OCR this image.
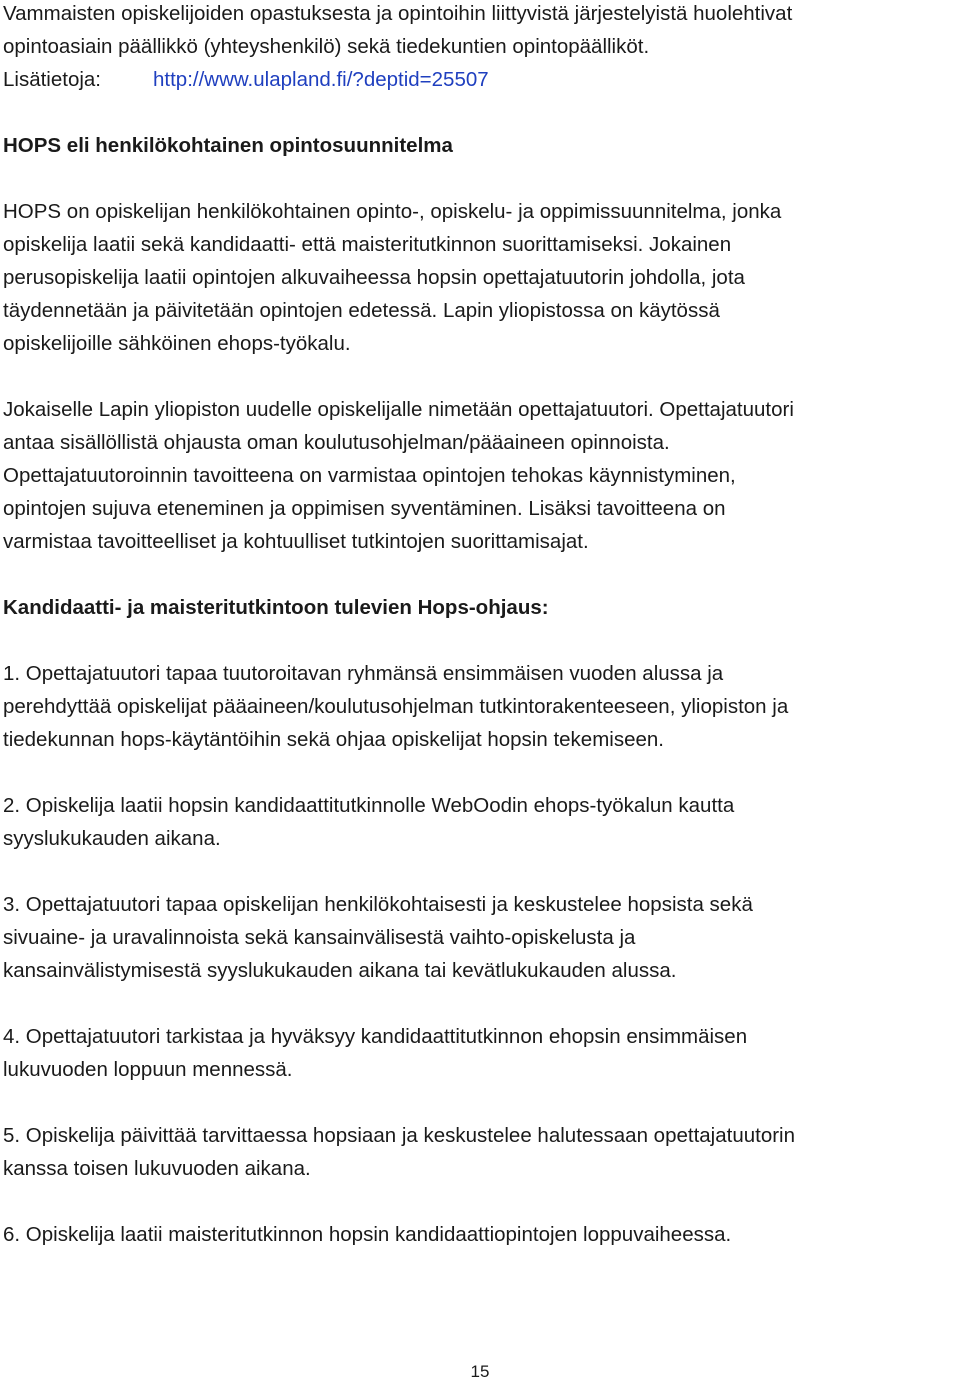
Vammaisten opiskelijoiden opastuksesta ja opintoihin liittyvistä järjestelyistä huolehtivat
opintoasiain päällikkö (yhteyshenkilö) sekä tiedekuntien opintopäälliköt.
Lisätietoja:	http://www.ulapland.fi/?deptid=25507
HOPS eli henkilökohtainen opintosuunnitelma
HOPS on opiskelijan henkilökohtainen opinto-, opiskelu- ja oppimissuunnitelma, jonka
opiskelija laatii sekä kandidaatti- että maisteritutkinnon suorittamiseksi. Jokainen
perusopiskelija laatii opintojen alkuvaiheessa hopsin opettajatuutorin johdolla, jota
täydennetään ja päivitetään opintojen edetessä. Lapin yliopistossa on käytössä
opiskelijoille sähköinen ehops-työkalu.
Jokaiselle Lapin yliopiston uudelle opiskelijalle nimetään opettajatuutori. Opettajatuutori
antaa sisällöllistä ohjausta oman koulutusohjelman/pääaineen opinnoista.
Opettajatuutoroinnin tavoitteena on varmistaa opintojen tehokas käynnistyminen,
opintojen sujuva eteneminen ja oppimisen syventäminen. Lisäksi tavoitteena on
varmistaa tavoitteelliset ja kohtuulliset tutkintojen suorittamisajat.
Kandidaatti- ja maisteritutkintoon tulevien Hops-ohjaus:
1. Opettajatuutori tapaa tuutoroitavan ryhmänsä ensimmäisen vuoden alussa ja
perehdyttää opiskelijat pääaineen/koulutusohjelman tutkintorakenteeseen, yliopiston ja
tiedekunnan hops-käytäntöihin sekä ohjaa opiskelijat hopsin tekemiseen.
2. Opiskelija laatii hopsin kandidaattitutkinnolle WebOodin ehops-työkalun kautta
syyslukukauden aikana.
3. Opettajatuutori tapaa opiskelijan henkilökohtaisesti ja keskustelee hopsista sekä
sivuaine- ja uravalinnoista sekä kansainvälisestä vaihto-opiskelusta ja
kansainvälistymisestä syyslukukauden aikana tai kevätlukukauden alussa.
4. Opettajatuutori tarkistaa ja hyväksyy kandidaattitutkinnon ehopsin ensimmäisen
lukuvuoden loppuun mennessä.
5. Opiskelija päivittää tarvittaessa hopsiaan ja keskustelee halutessaan opettajatuutorin
kanssa toisen lukuvuoden aikana.
6. Opiskelija laatii maisteritutkinnon hopsin kandidaattiopintojen loppuvaiheessa.
15
